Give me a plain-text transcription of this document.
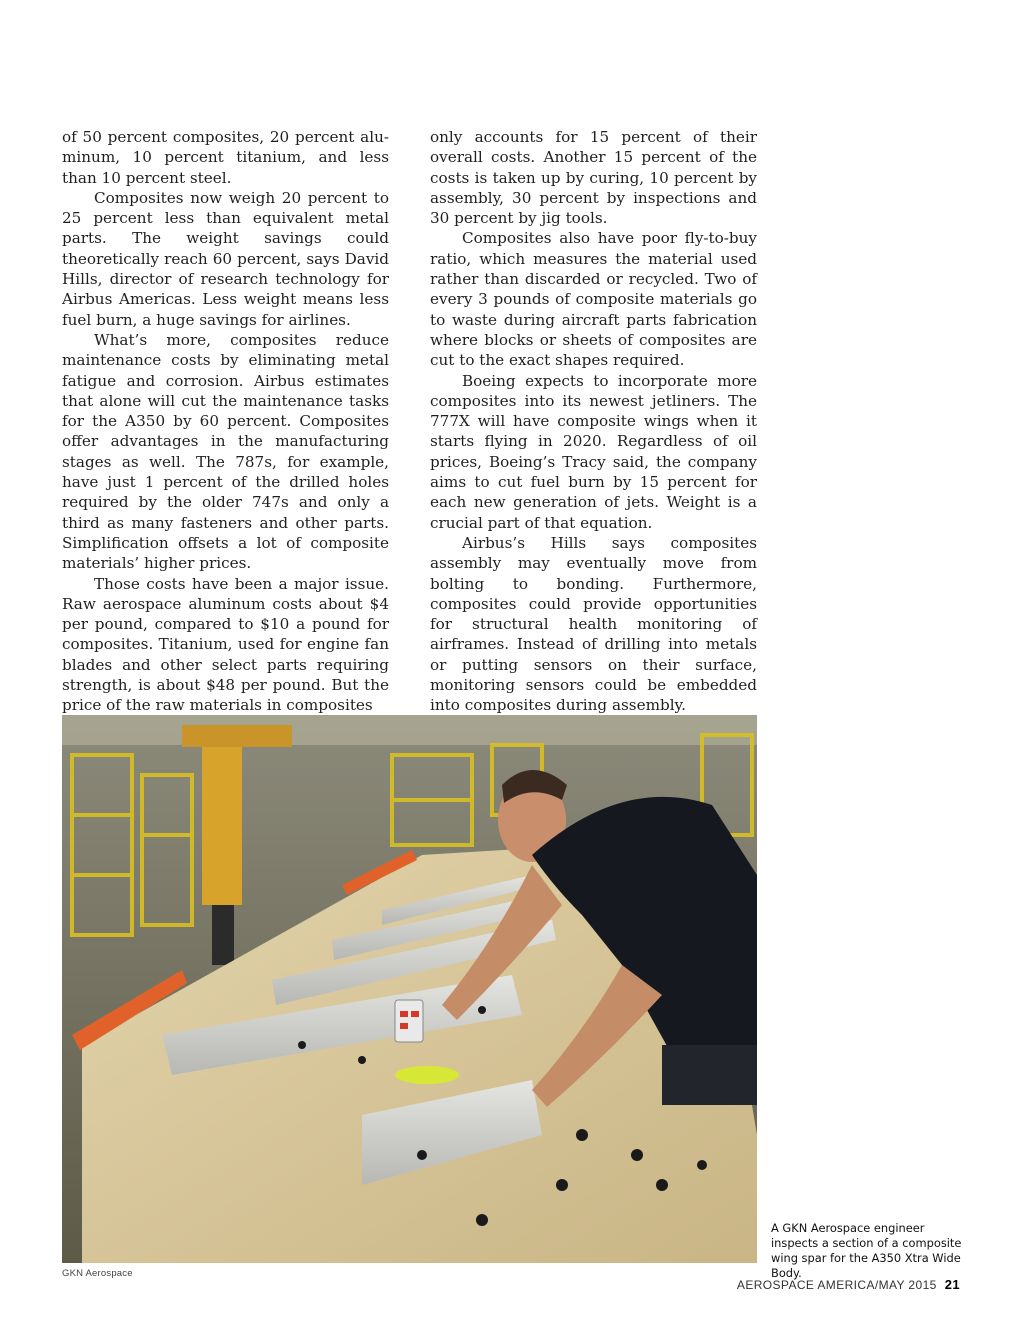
of 50 percent composites, 20 percent aluminum, 10 percent titanium, and less than 10 percent steel.

Composites now weigh 20 percent to 25 percent less than equivalent metal parts. The weight savings could theoretically reach 60 percent, says David Hills, director of research technology for Airbus Americas. Less weight means less fuel burn, a huge savings for airlines.

What’s more, composites reduce maintenance costs by eliminating metal fatigue and corrosion. Airbus estimates that alone will cut the maintenance tasks for the A350 by 60 percent. Composites offer advantages in the manufacturing stages as well. The 787s, for example, have just 1 percent of the drilled holes required by the older 747s and only a third as many fasteners and other parts. Simplification offsets a lot of composite materials’ higher prices.

Those costs have been a major issue. Raw aerospace aluminum costs about $4 per pound, compared to $10 a pound for composites. Titanium, used for engine fan blades and other select parts requiring strength, is about $48 per pound. But the price of the raw materials in composites

only accounts for 15 percent of their overall costs. Another 15 percent of the costs is taken up by curing, 10 percent by assembly, 30 percent by inspections and 30 percent by jig tools.

Composites also have poor fly-to-buy ratio, which measures the material used rather than discarded or recycled. Two of every 3 pounds of composite materials go to waste during aircraft parts fabrication where blocks or sheets of composites are cut to the exact shapes required.

Boeing expects to incorporate more composites into its newest jetliners. The 777X will have composite wings when it starts flying in 2020. Regardless of oil prices, Boeing’s Tracy said, the company aims to cut fuel burn by 15 percent for each new generation of jets. Weight is a crucial part of that equation.

Airbus’s Hills says composites assembly may eventually move from bolting to bonding. Furthermore, composites could provide opportunities for structural health monitoring of airframes. Instead of drilling into metals or putting sensors on their surface, monitoring sensors could be embedded into composites during assembly.

A GKN Aerospace engineer inspects a section of a composite wing spar for the A350 Xtra Wide Body.
GKN Aerospace
AEROSPACE AMERICA/MAY 2015 21
